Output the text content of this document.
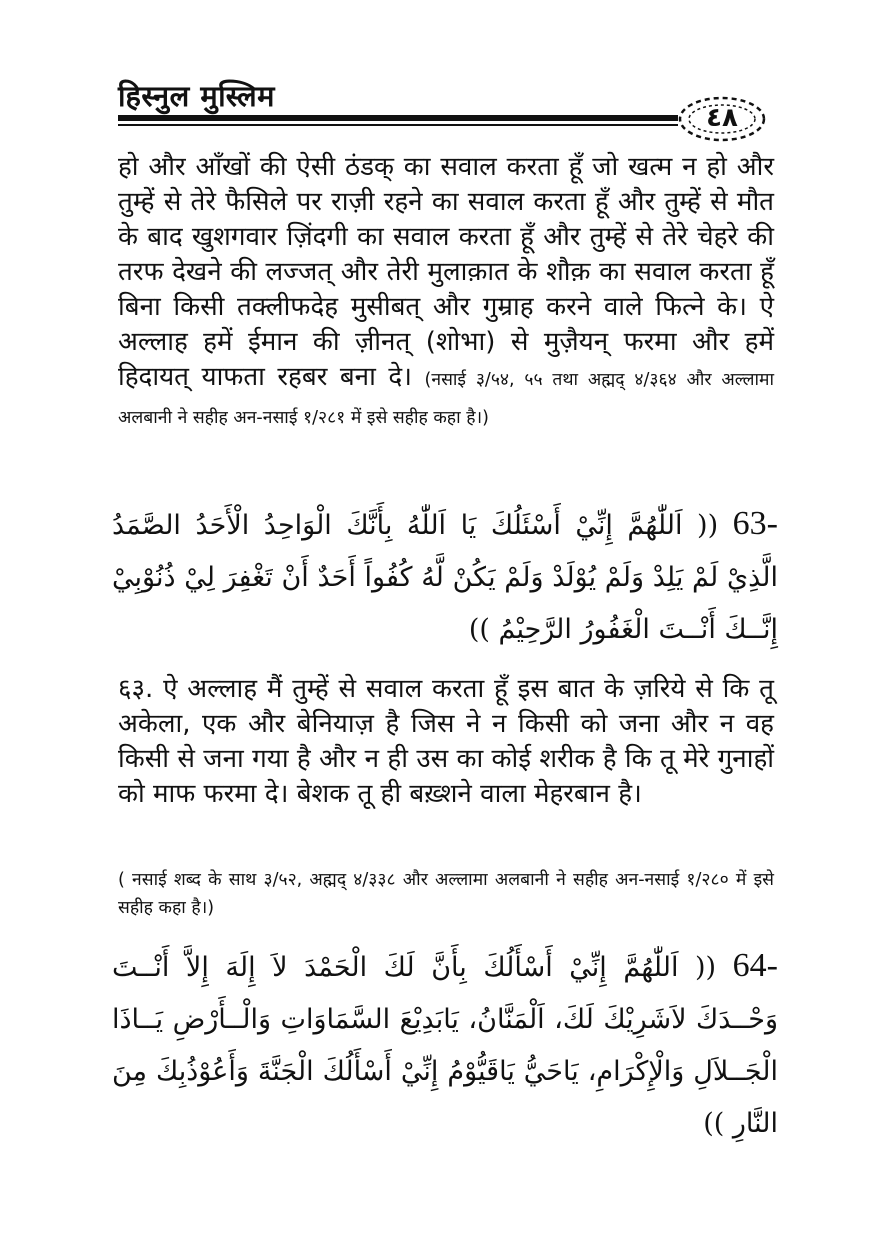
हिस्नुल मुस्लिम
٤٨
हो और आँखों की ऐसी ठंडक् का सवाल करता हूँ जो खत्म न हो और तुम्हें से तेरे फैसिले पर राज़ी रहने का सवाल करता हूँ और तुम्हें से मौत के बाद खुशगवार ज़िंदगी का सवाल करता हूँ और तुम्हें से तेरे चेहरे की तरफ देखने की लज्जत् और तेरी मुलाक़ात के शौक़ का सवाल करता हूँ बिना किसी तक्लीफदेह मुसीबत् और गुम्राह करने वाले फित्ने के। ऐ अल्लाह हमें ईमान की ज़ीनत् (शोभा) से मुज़ैयन् फरमा और हमें हिदायत् याफता रहबर बना दे। (नसाई ३/५४, ५५ तथा अह्मद् ४/३६४ और अल्लामा अलबानी ने सहीह अन-नसाई १/२८१ में इसे सहीह कहा है।)
63- (( اَللّٰهُمَّ إِنِّيْ أَسْئَلُكَ يَا اَللّٰهُ بِأَنَّكَ الْوَاحِدُ الْأَحَدُ الصَّمَدُ الَّذِيْ لَمْ يَلِدْ وَلَمْ يُوْلَدْ وَلَمْ يَكُنْ لَّهُ كُفُواً أَحَدٌ أَنْ تَغْفِرَ لِيْ ذُنُوْبِيْ إِنَّــكَ أَنْــتَ الْغَفُورُ الرَّحِيْمُ ))
६३. ऐ अल्लाह मैं तुम्हें से सवाल करता हूँ इस बात के ज़रिये से कि तू अकेला, एक और बेनियाज़ है जिस ने न किसी को जना और न वह किसी से जना गया है और न ही उस का कोई शरीक है कि तू मेरे गुनाहों को माफ फरमा दे। बेशक तू ही बख़्शने वाला मेहरबान है।
( नसाई शब्द के साथ ३/५२, अह्मद् ४/३३८ और अल्लामा अलबानी ने सहीह अन-नसाई १/२८० में इसे सहीह कहा है।)
64- (( اَللّٰهُمَّ إِنِّيْ أَسْأَلُكَ بِأَنَّ لَكَ الْحَمْدَ لاَ إِلَهَ إِلاَّ أَنْــتَ وَحْــدَكَ لاَشَرِيْكَ لَكَ، اَلْمَنَّانُ، يَابَدِيْعَ السَّمَاوَاتِ وَالْــأَرْضِ يَــاذَا الْجَــلاَلِ وَالْإِكْرَامِ، يَاحَيُّ يَاقَيُّوْمُ إِنِّيْ أَسْأَلُكَ الْجَنَّةَ وَأَعُوْذُبِكَ مِنَ النَّارِ ))
